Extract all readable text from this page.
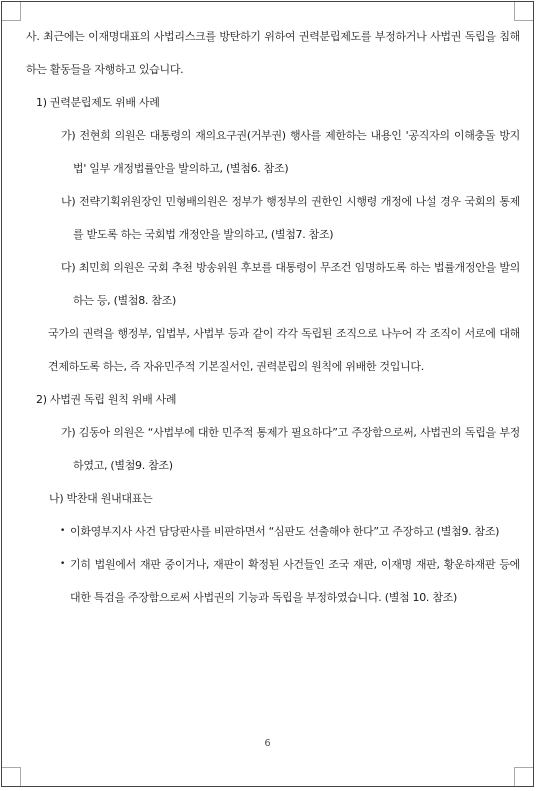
사. 최근에는 이재명대표의 사법리스크를 방탄하기 위하여 권력분립제도를 부정하거나 사법권 독립을 침해하는 활동들을 자행하고 있습니다.

1) 권력분립제도 위배 사례

가) 전현희 의원은 대통령의 재의요구권(거부권) 행사를 제한하는 내용인 '공직자의 이해충돌 방지법' 일부 개정법률안을 발의하고, (별첨6. 참조)

나) 전략기획위원장인 민형배의원은 정부가 행정부의 권한인 시행령 개정에 나설 경우 국회의 통제를 받도록 하는 국회법 개정안을 발의하고, (별첨7. 참조)

다) 최민희 의원은 국회 추천 방송위원 후보를 대통령이 무조건 임명하도록 하는 법률개정안을 발의하는 등, (별첨8. 참조)

국가의 권력을 행정부, 입법부, 사법부 등과 같이 각각 독립된 조직으로 나누어 각 조직이 서로에 대해 견제하도록 하는, 즉 자유민주적 기본질서인, 권력분립의 원칙에 위배한 것입니다.

2) 사법권 독립 원칙 위배 사례

가) 김동아 의원은 “사법부에 대한 민주적 통제가 필요하다”고 주장함으로써, 사법권의 독립을 부정하였고, (별첨9. 참조)

나) 박찬대 원내대표는

• 이화영부지사 사건 담당판사를 비판하면서 “심판도 선출해야 한다”고 주장하고 (별첨9. 참조)

• 기히 법원에서 재판 중이거나, 재판이 확정된 사건들인 조국 재판, 이재명 재판, 황운하재판 등에 대한 특검을 주장함으로써 사법권의 기능과 독립을 부정하였습니다. (별첨 10. 참조)

6
